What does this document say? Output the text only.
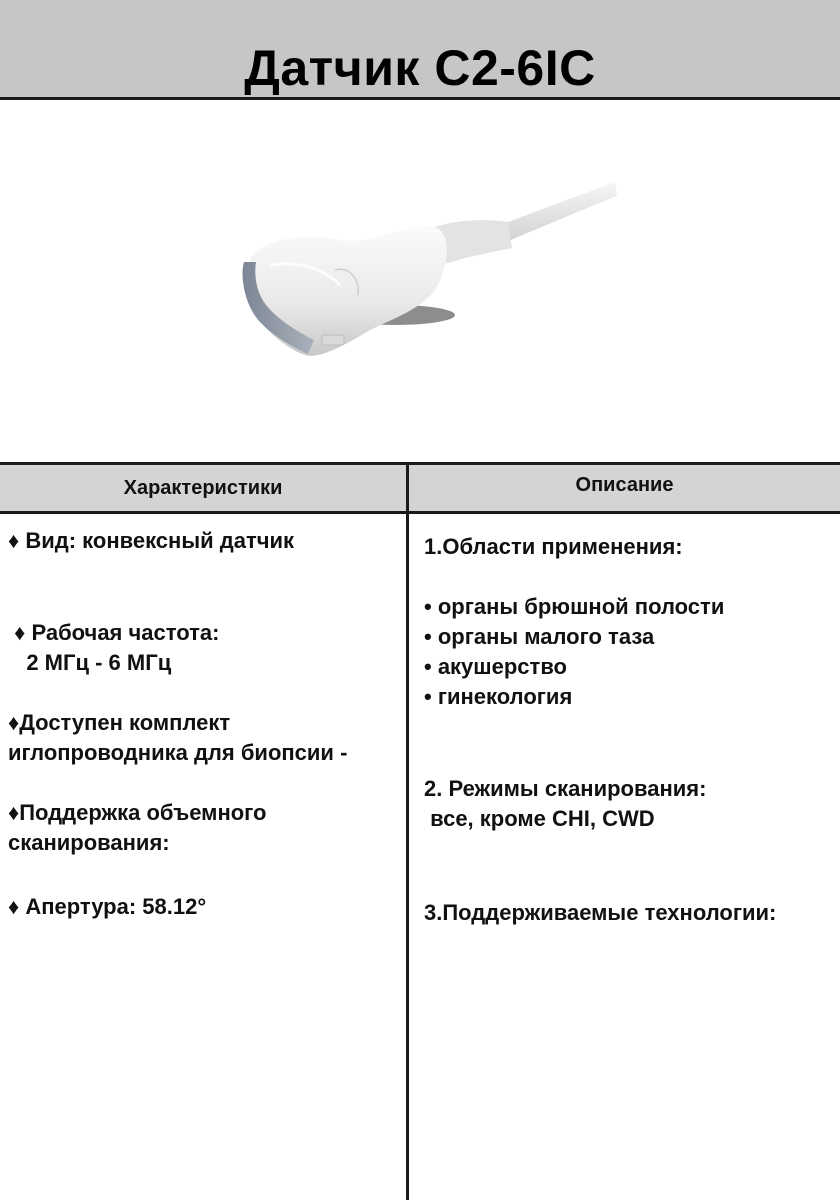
Датчик C2-6IC
Характеристики	Описание
♦ Вид: конвексный датчик
♦ Рабочая частота:
2 МГц - 6 МГц
♦Доступен комплект
иглопроводника для биопсии -
♦Поддержка объемного
сканирования:
♦ Апертура: 58.12°
1.Области применения:
• органы брюшной полости
• органы малого таза
• акушерство
• гинекология
2. Режимы сканирования:
все, кроме CHI, CWD
3.Поддерживаемые технологии:
